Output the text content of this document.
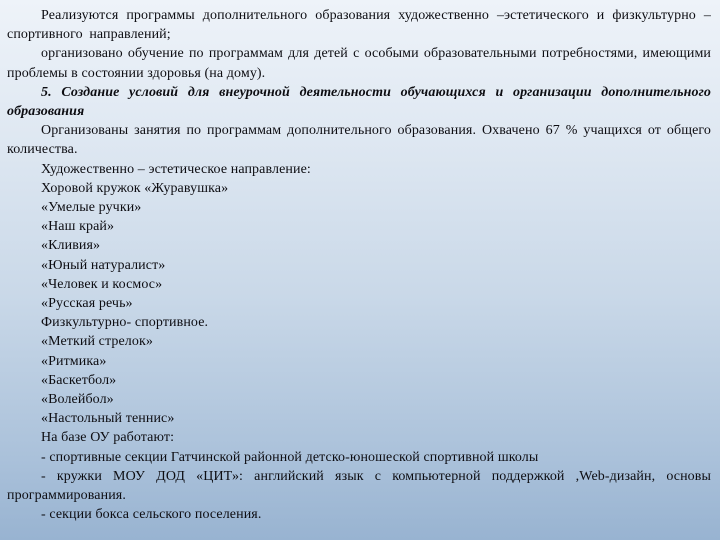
Реализуются программы дополнительного образования художественно –эстетического и физкультурно –спортивного направлений;

организовано обучение по программам для детей с особыми образовательными потребностями, имеющими проблемы в состоянии здоровья (на дому).

5. Создание условий для внеурочной деятельности обучающихся и организации дополнительного образования

Организованы занятия по программам дополнительного образования. Охвачено 67 % учащихся от общего количества.

Художественно – эстетическое направление:

Хоровой кружок «Журавушка»

«Умелые ручки»

«Наш край»

«Кливия»

«Юный натуралист»

«Человек и космос»

«Русская речь»

Физкультурно- спортивное.

«Меткий стрелок»

«Ритмика»

«Баскетбол»

«Волейбол»

«Настольный теннис»

На базе ОУ работают:

- спортивные секции Гатчинской районной детско-юношеской спортивной школы

- кружки МОУ ДОД «ЦИТ»: английский язык с компьютерной поддержкой ,Web-дизайн, основы программирования.

- секции бокса сельского поселения.
